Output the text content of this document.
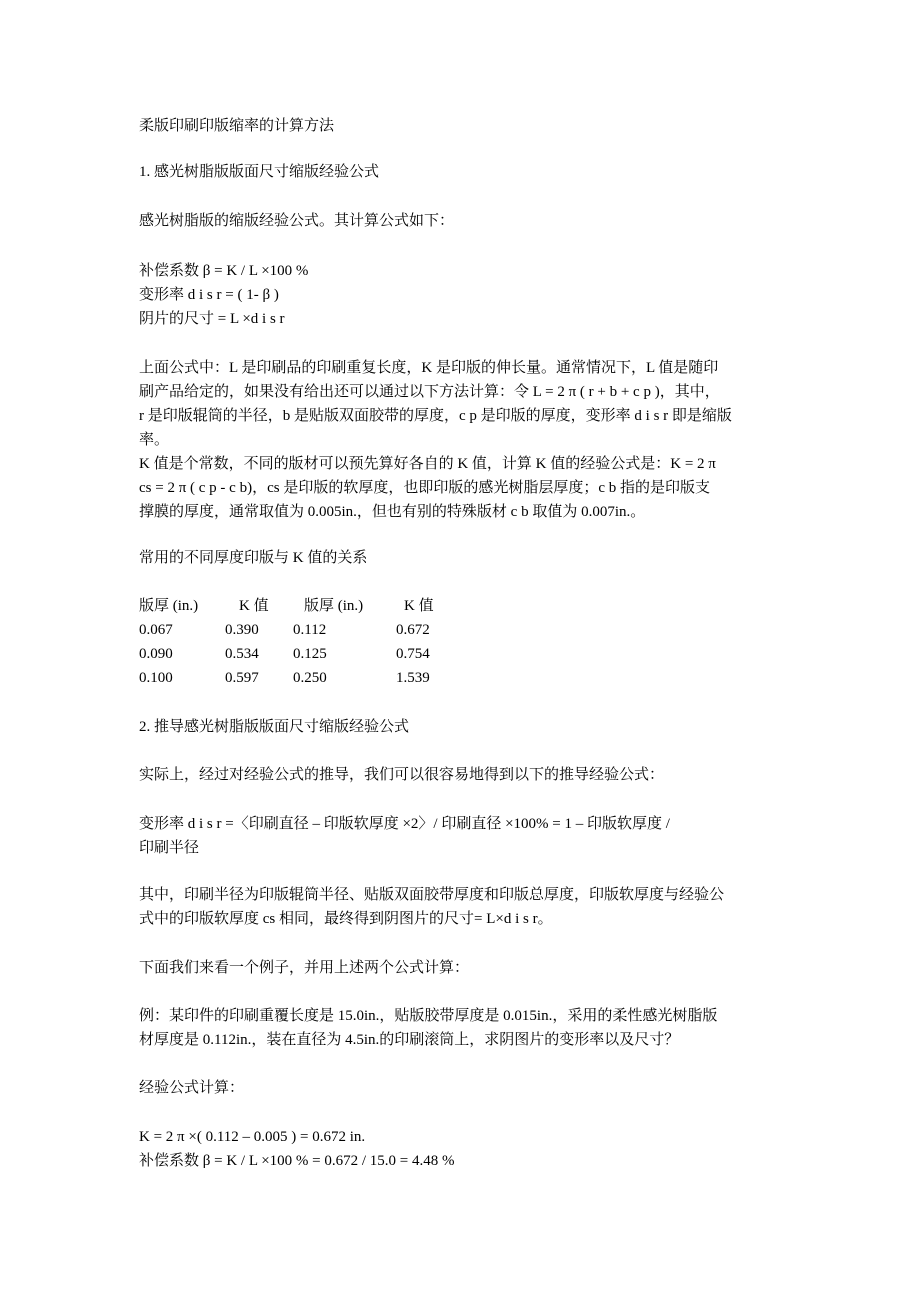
柔版印刷印版缩率的计算方法
1. 感光树脂版版面尺寸缩版经验公式
感光树脂版的缩版经验公式。其计算公式如下：
补偿系数 β = K / L ×100 %
变形率 d i s r = ( 1- β )
阴片的尺寸 = L ×d i s r
上面公式中：L 是印刷品的印刷重复长度，K 是印版的伸长量。通常情况下，L 值是随印
刷产品给定的，如果没有给出还可以通过以下方法计算：令 L = 2 π ( r + b + c p )，其中，
r 是印版辊筒的半径，b 是贴版双面胶带的厚度，c p 是印版的厚度，变形率 d i s r 即是缩版
率。
K 值是个常数，不同的版材可以预先算好各自的 K 值，计算 K 值的经验公式是：K = 2 π
cs = 2 π ( c p - c b)，cs 是印版的软厚度，也即印版的感光树脂层厚度；c b 指的是印版支
撑膜的厚度，通常取值为 0.005in.，但也有别的特殊版材 c b 取值为 0.007in.。
常用的不同厚度印版与 K 值的关系
版厚 (in.)	K 值 版厚 (in.)	K 值
0.067	0.390 0.112	0.672
0.090	0.534 0.125	0.754
0.100	0.597 0.250	1.539
2. 推导感光树脂版版面尺寸缩版经验公式
实际上，经过对经验公式的推导，我们可以很容易地得到以下的推导经验公式：
变形率 d i s r =〈印刷直径 – 印版软厚度 ×2〉/ 印刷直径 ×100% = 1 – 印版软厚度 /
印刷半径
其中，印刷半径为印版辊筒半径、贴版双面胶带厚度和印版总厚度，印版软厚度与经验公
式中的印版软厚度 cs 相同，最终得到阴图片的尺寸= L×d i s r。
下面我们来看一个例子，并用上述两个公式计算：
例：某印件的印刷重覆长度是 15.0in.，贴版胶带厚度是 0.015in.，采用的柔性感光树脂版
材厚度是 0.112in.，装在直径为 4.5in.的印刷滚筒上，求阴图片的变形率以及尺寸？
经验公式计算：
K = 2 π ×( 0.112 – 0.005 ) = 0.672 in.
补偿系数 β = K / L ×100 % = 0.672 / 15.0 = 4.48 %
